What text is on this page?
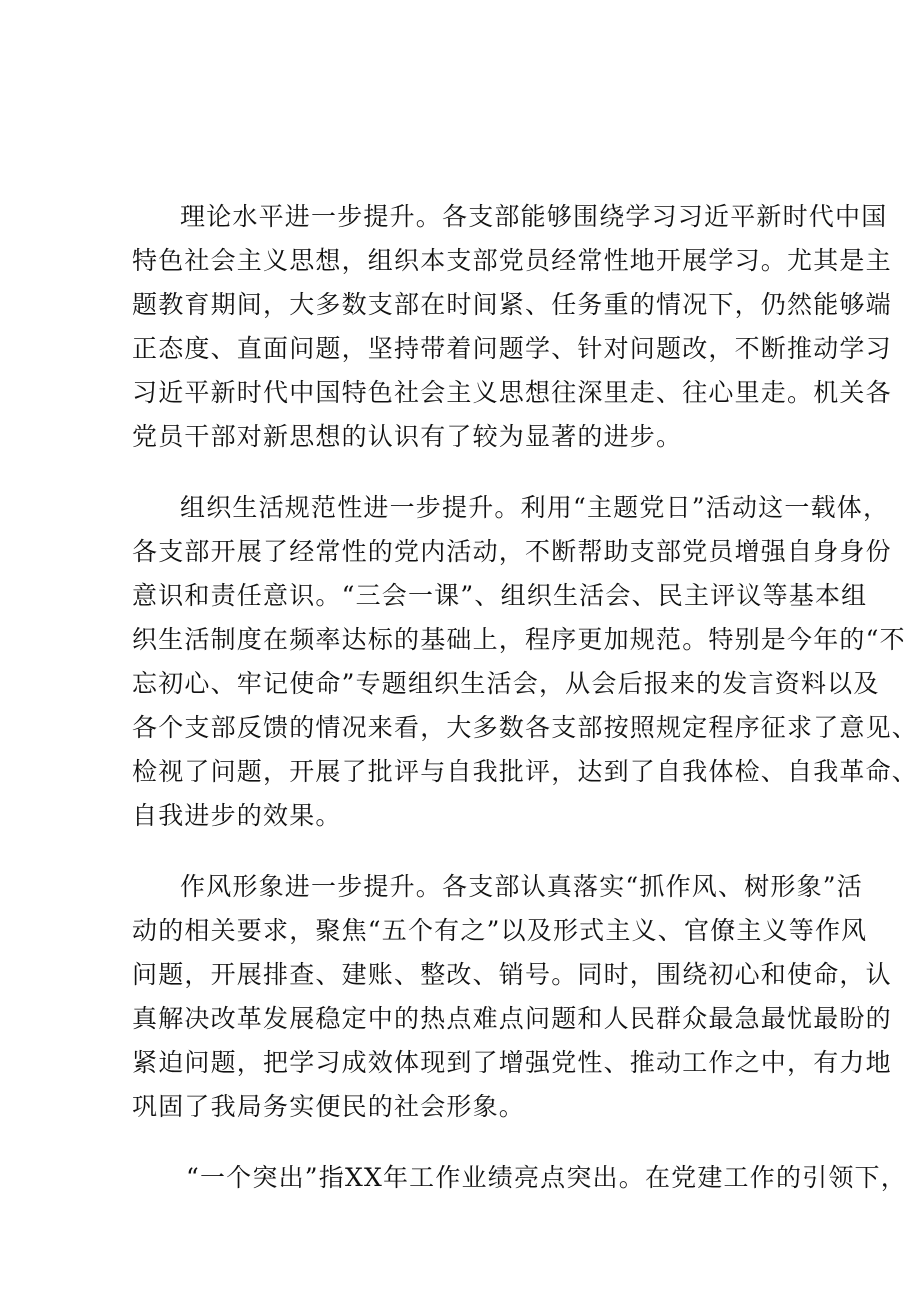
理论水平进一步提升。各支部能够围绕学习习近平新时代中国
特色社会主义思想，组织本支部党员经常性地开展学习。尤其是主
题教育期间，大多数支部在时间紧、任务重的情况下，仍然能够端
正态度、直面问题，坚持带着问题学、针对问题改，不断推动学习
习近平新时代中国特色社会主义思想往深里走、往心里走。机关各
党员干部对新思想的认识有了较为显著的进步。
组织生活规范性进一步提升。利用“主题党日”活动这一载体，
各支部开展了经常性的党内活动，不断帮助支部党员增强自身身份
意识和责任意识。“三会一课”、组织生活会、民主评议等基本组
织生活制度在频率达标的基础上，程序更加规范。特别是今年的“不
忘初心、牢记使命”专题组织生活会，从会后报来的发言资料以及
各个支部反馈的情况来看，大多数各支部按照规定程序征求了意见、
检视了问题，开展了批评与自我批评，达到了自我体检、自我革命、
自我进步的效果。
作风形象进一步提升。各支部认真落实“抓作风、树形象”活
动的相关要求，聚焦“五个有之”以及形式主义、官僚主义等作风
问题，开展排查、建账、整改、销号。同时，围绕初心和使命，认
真解决改革发展稳定中的热点难点问题和人民群众最急最忧最盼的
紧迫问题，把学习成效体现到了增强党性、推动工作之中，有力地
巩固了我局务实便民的社会形象。
“一个突出”指XX年工作业绩亮点突出。在党建工作的引领下，
